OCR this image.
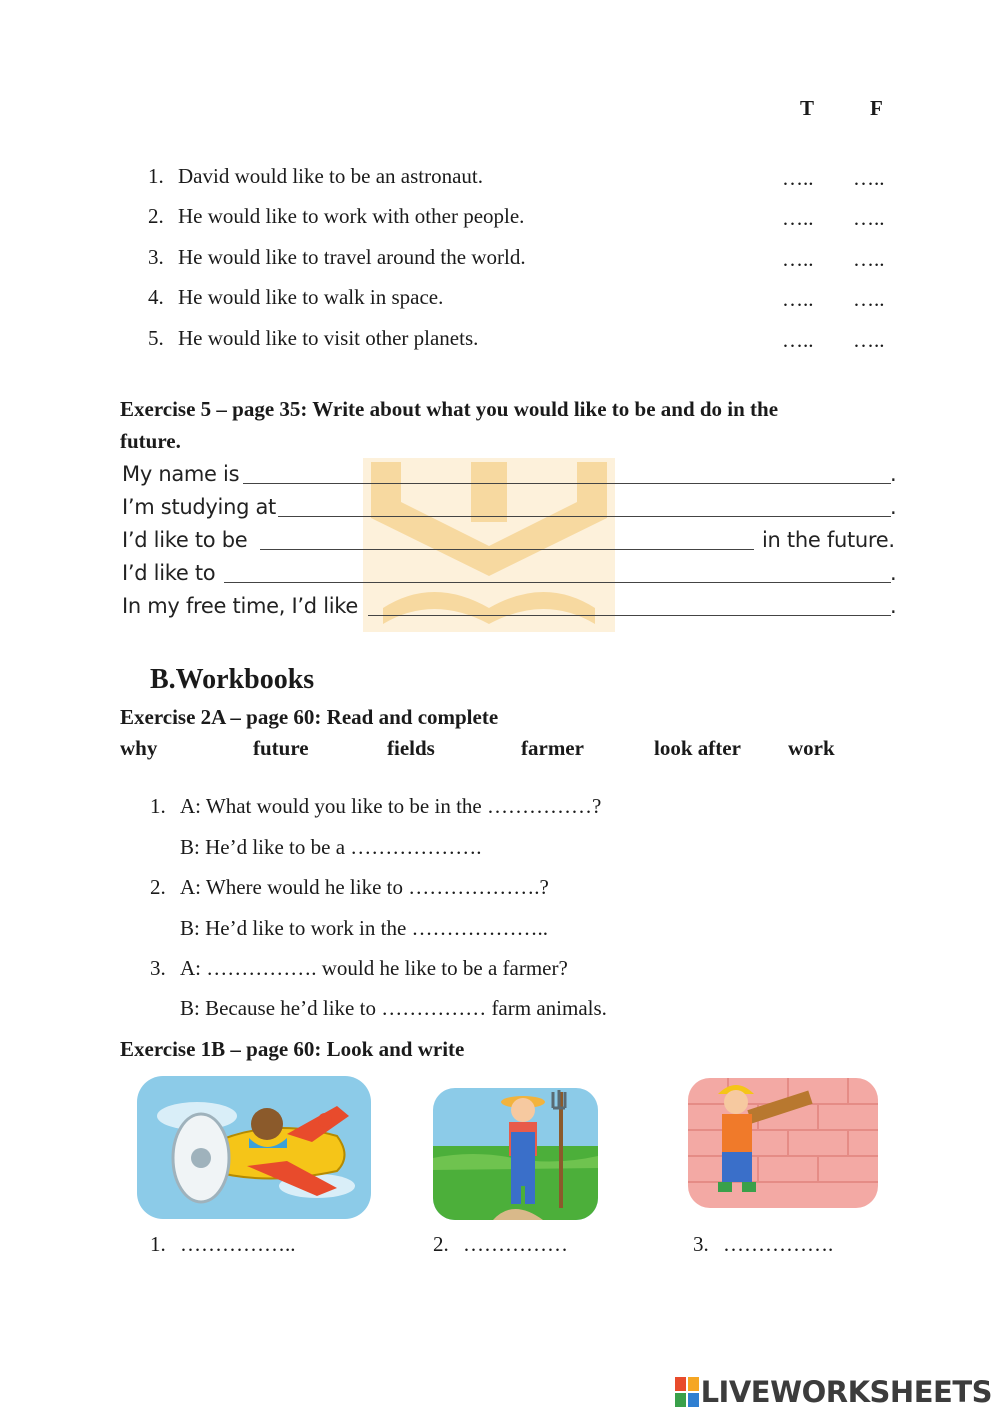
T	F
1. David would like to be an astronaut.	….. …..
2. He would like to work with other people.	….. …..
3. He would like to travel around the world.	….. …..
4. He would like to walk in space.	….. …..
5. He would like to visit other planets.	….. …..
Exercise 5 – page 35: Write about what you would like to be and do in the
future.
My name is	.
I’m studying at	.
I’d like to be	in the future.
I’d like to	.
In my free time, I’d like	.
B.Workbooks
Exercise 2A – page 60: Read and complete
why	future	fields	farmer	look after work
1. A: What would you like to be in the ……………?
B: He’d like to be a ……………….
2. A: Where would he like to ……………….?
B: He’d like to work in the ………………..
3. A: ……………. would he like to be a farmer?
B: Because he’d like to …………… farm animals.
Exercise 1B – page 60: Look and write
1. ……………..	2. ……………	3. …………….
LIVEWORKSHEETS
